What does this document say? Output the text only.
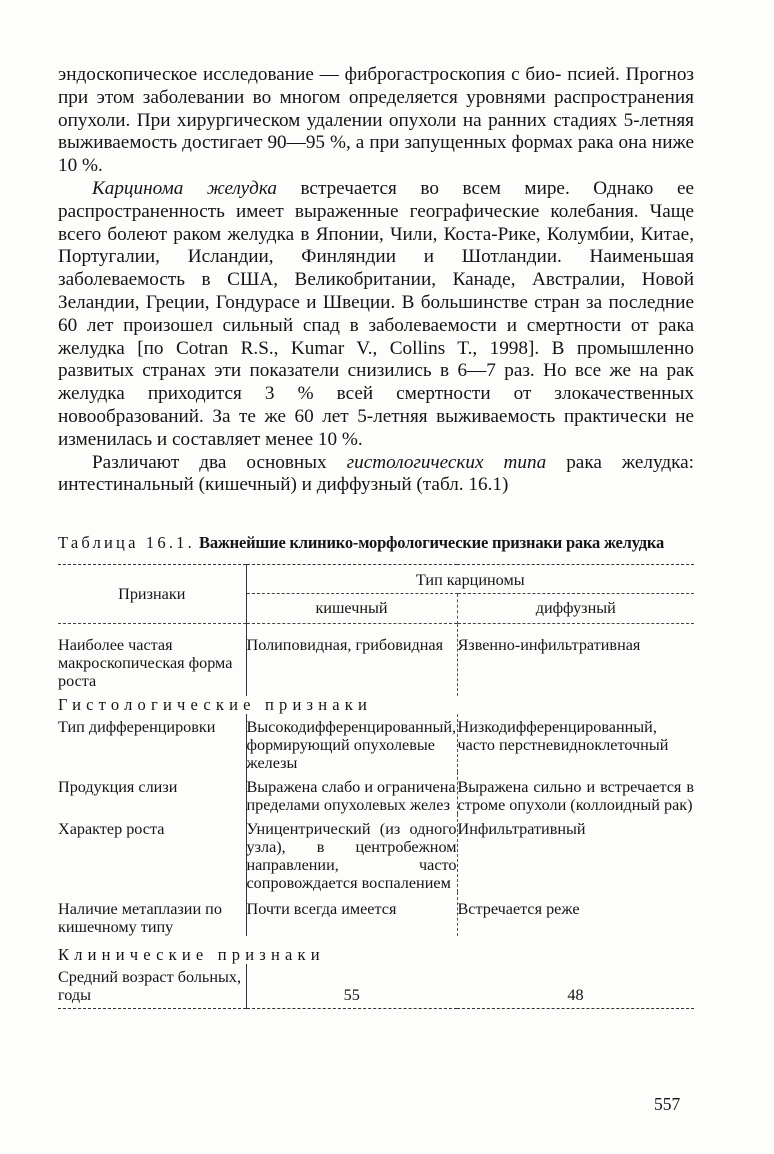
эндоскопическое исследование — фиброгастроскопия с био- псией. Прогноз при этом заболевании во многом определяется уровнями распространения опухоли. При хирургическом удалении опухоли на ранних стадиях 5-летняя выживаемость достигает 90—95 %, а при запущенных формах рака она ниже 10 %.

Карцинома желудка встречается во всем мире. Однако ее распространенность имеет выраженные географические колебания. Чаще всего болеют раком желудка в Японии, Чили, Коста-Рике, Колумбии, Китае, Португалии, Исландии, Финляндии и Шотландии. Наименьшая заболеваемость в США, Великобритании, Канаде, Австралии, Новой Зеландии, Греции, Гондурасе и Швеции. В большинстве стран за последние 60 лет произошел сильный спад в заболеваемости и смертности от рака желудка [по Cotran R.S., Kumar V., Collins T., 1998]. В промышленно развитых странах эти показатели снизились в 6—7 раз. Но все же на рак желудка приходится 3 % всей смертности от злокачественных новообразований. За те же 60 лет 5-летняя выживаемость практически не изменилась и составляет менее 10 %.

Различают два основных гистологических типа рака желудка: интестинальный (кишечный) и диффузный (табл. 16.1)

Таблица 16.1. Важнейшие клинико-морфологические признаки рака желудка
Признаки	Тип карциномы	
	кишечный	диффузный
Наиболее частая макроскопическая форма роста	Полиповидная, грибовидная	Язвенно-инфильтративная
Гистологические признаки		
Тип дифференцировки	Высокодифференцированный, формирующий опухолевые железы	Низкодифференцированный, часто перстневидноклеточный
Продукция слизи	Выражена слабо и ограничена пределами опухолевых желез	Выражена сильно и встречается в строме опухоли (коллоидный рак)
Характер роста	Уницентрический (из одного узла), в центробежном направлении, часто сопровождается воспалением	Инфильтративный
Наличие метаплазии по кишечному типу	Почти всегда имеется	Встречается реже
Клинические признаки		
Средний возраст больных, годы	55	48
557
